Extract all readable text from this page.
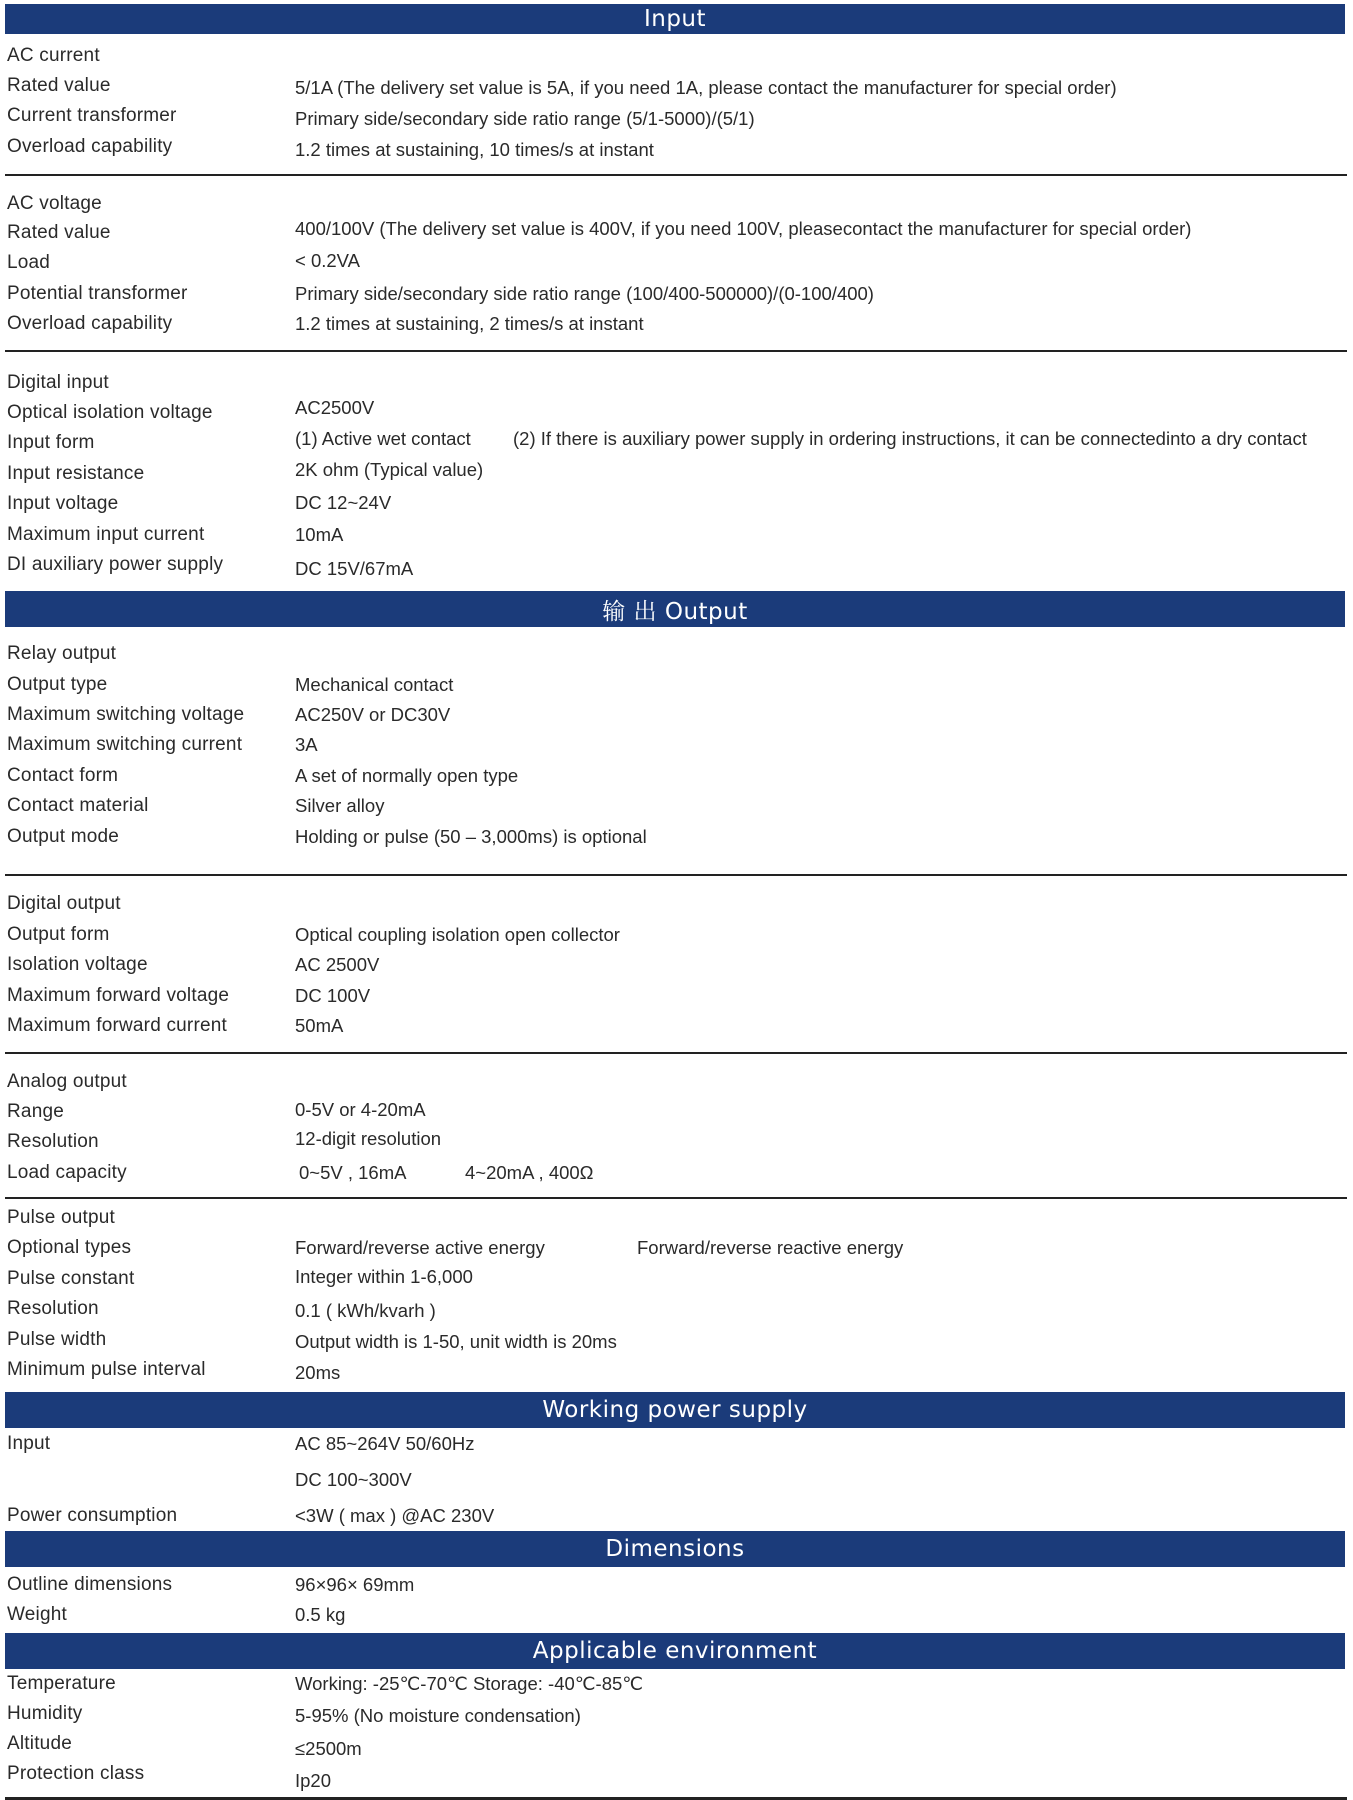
Input
AC current
Rated value	5/1A (The delivery set value is 5A, if you need 1A, please contact the manufacturer for special order)
Current transformer	Primary side/secondary side ratio range (5/1-5000)/(5/1)
Overload capability	1.2 times at sustaining, 10 times/s at instant
AC voltage
Rated value	400/100V (The delivery set value is 400V, if you need 100V, pleasecontact the manufacturer for special order)
Load	< 0.2VA
Potential transformer	Primary side/secondary side ratio range (100/400-500000)/(0-100/400)
Overload capability	1.2 times at sustaining, 2 times/s at instant
Digital input
Optical isolation voltage	AC2500V
Input form	(1) Active wet contact (2) If there is auxiliary power supply in ordering instructions, it can be connectedinto a dry contact
Input resistance	2K ohm (Typical value)
Input voltage	DC 12~24V
Maximum input current	10mA
DI auxiliary power supply	DC 15V/67mA
输 出 Output
Relay output
Output type	Mechanical contact
Maximum switching voltage	AC250V or DC30V
Maximum switching current	3A
Contact form	A set of normally open type
Contact material	Silver alloy
Output mode	Holding or pulse (50 – 3,000ms) is optional
Digital output
Output form	Optical coupling isolation open collector
Isolation voltage	AC 2500V
Maximum forward voltage	DC 100V
Maximum forward current	50mA
Analog output
Range	0-5V or 4-20mA
Resolution	12-digit resolution
Load capacity	0~5V , 16mA	4~20mA , 400Ω
Pulse output
Optional types	Forward/reverse active energy	Forward/reverse reactive energy
Pulse constant	Integer within 1-6,000
Resolution	0.1 ( kWh/kvarh )
Pulse width	Output width is 1-50, unit width is 20ms
Minimum pulse interval	20ms
Working power supply
Input	AC 85~264V 50/60Hz
DC 100~300V
Power consumption	<3W ( max ) @AC 230V
Dimensions
Outline dimensions	96×96× 69mm
Weight	0.5 kg
Applicable environment
Temperature	Working: -25℃-70℃ Storage: -40℃-85℃
Humidity	5-95% (No moisture condensation)
Altitude	≤2500m
Protection class	Ip20
